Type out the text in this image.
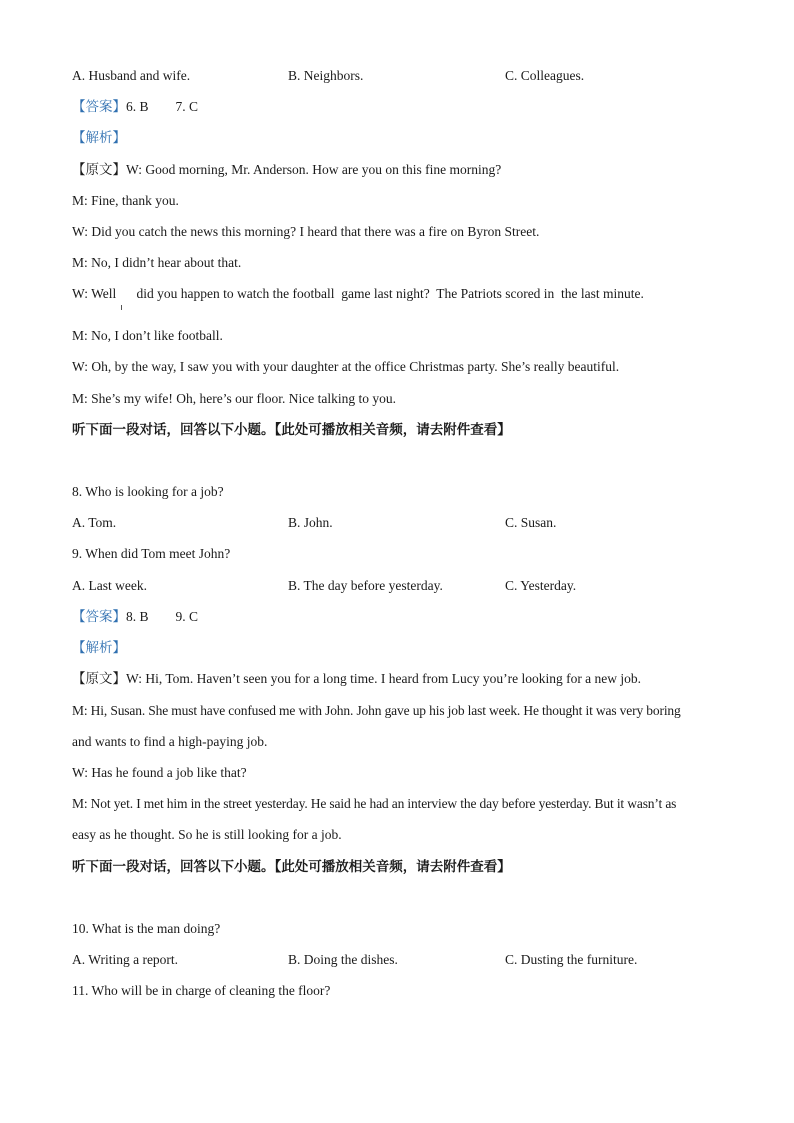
A. Husband and wife.	B. Neighbors.	C. Colleagues.
【答案】6. B        7. C
【解析】
【原文】W: Good morning, Mr. Anderson. How are you on this fine morning?
M: Fine, thank you.
W: Did you catch the news this morning? I heard that there was a fire on Byron Street.
M: No, I didn’t hear about that.
W: Well      did you happen to watch the football  game last night?  The Patriots scored in  the last minute.
M: No, I don’t like football.
W: Oh, by the way, I saw you with your daughter at the office Christmas party. She’s really beautiful.
M: She’s my wife! Oh, here’s our floor. Nice talking to you.
听下面一段对话，回答以下小题。【此处可播放相关音频，请去附件查看】
8. Who is looking for a job?
A. Tom.	B. John.	C. Susan.
9. When did Tom meet John?
A. Last week.	B. The day before yesterday.	C. Yesterday.
【答案】8. B        9. C
【解析】
【原文】W: Hi, Tom. Haven’t seen you for a long time. I heard from Lucy you’re looking for a new job.
M: Hi, Susan. She must have confused me with John. John gave up his job last week. He thought it was very boring
and wants to find a high-paying job.
W: Has he found a job like that?
M: Not yet. I met him in the street yesterday. He said he had an interview the day before yesterday. But it wasn’t as
easy as he thought. So he is still looking for a job.
听下面一段对话，回答以下小题。【此处可播放相关音频，请去附件查看】
10. What is the man doing?
A. Writing a report.	B. Doing the dishes.	C. Dusting the furniture.
11. Who will be in charge of cleaning the floor?
